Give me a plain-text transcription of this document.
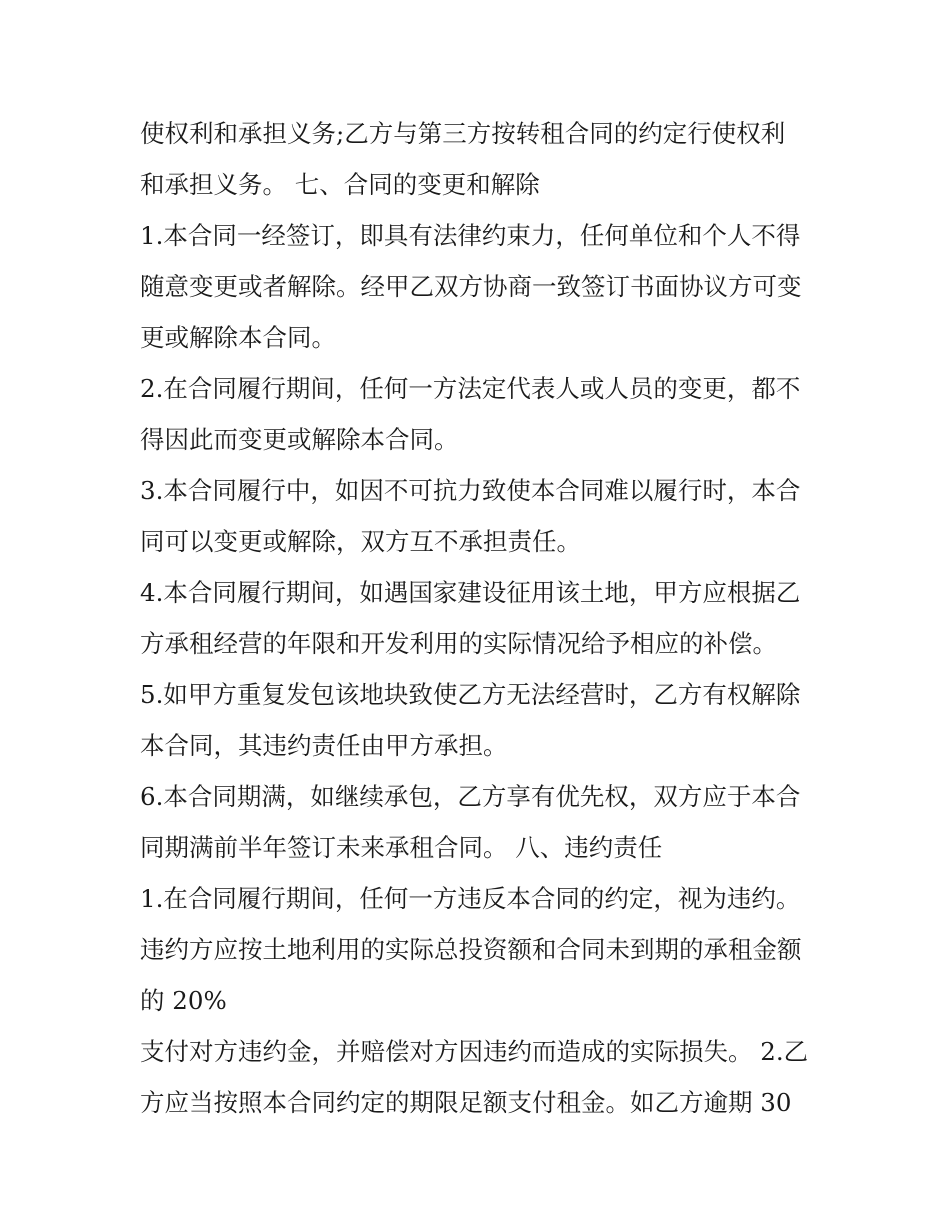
使权利和承担义务;乙方与第三方按转租合同的约定行使权利
和承担义务。 七、合同的变更和解除
1.本合同一经签订，即具有法律约束力，任何单位和个人不得
随意变更或者解除。经甲乙双方协商一致签订书面协议方可变
更或解除本合同。
2.在合同履行期间，任何一方法定代表人或人员的变更，都不
得因此而变更或解除本合同。
3.本合同履行中，如因不可抗力致使本合同难以履行时，本合
同可以变更或解除，双方互不承担责任。
4.本合同履行期间，如遇国家建设征用该土地，甲方应根据乙
方承租经营的年限和开发利用的实际情况给予相应的补偿。
5.如甲方重复发包该地块致使乙方无法经营时，乙方有权解除
本合同，其违约责任由甲方承担。
6.本合同期满，如继续承包，乙方享有优先权，双方应于本合
同期满前半年签订未来承租合同。 八、违约责任
1.在合同履行期间，任何一方违反本合同的约定，视为违约。
违约方应按土地利用的实际总投资额和合同未到期的承租金额
的 20%
支付对方违约金，并赔偿对方因违约而造成的实际损失。 2.乙
方应当按照本合同约定的期限足额支付租金。如乙方逾期 30
